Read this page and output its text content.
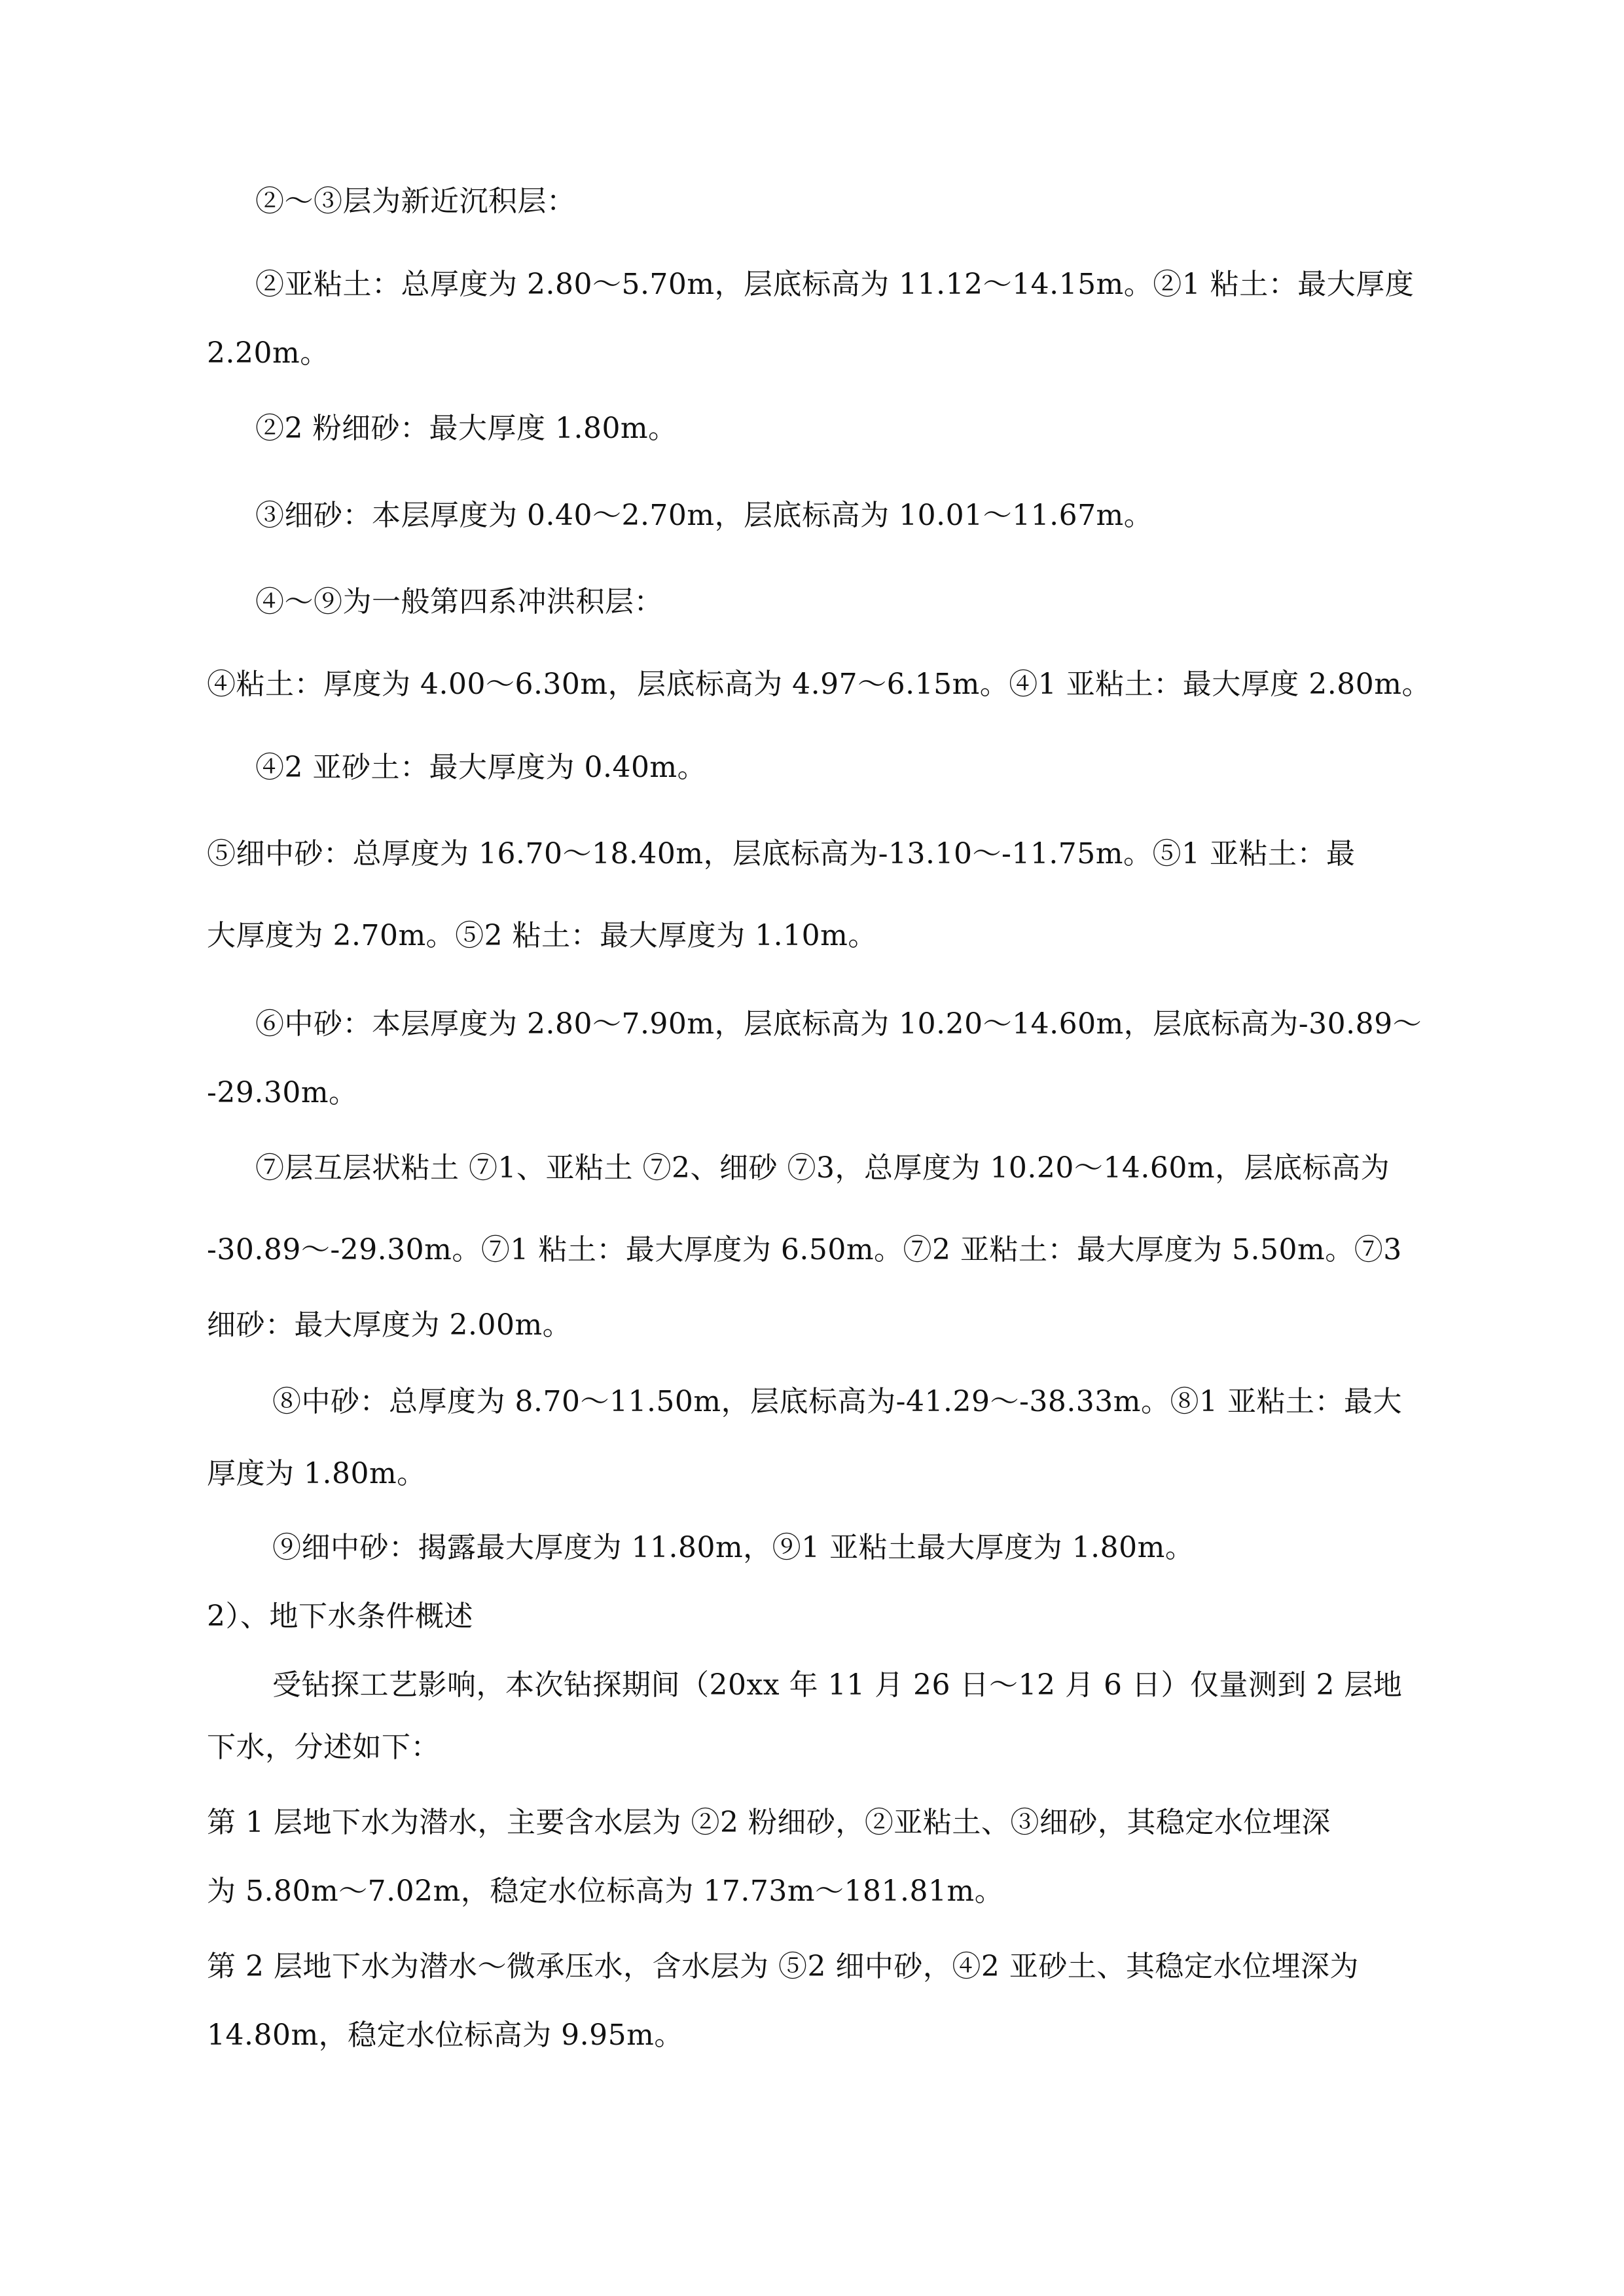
②～③层为新近沉积层：
②亚粘土：总厚度为 2.80～5.70m，层底标高为 11.12～14.15m。②1 粘土：最大厚度
2.20m。
②2 粉细砂：最大厚度 1.80m。
③细砂：本层厚度为 0.40～2.70m，层底标高为 10.01～11.67m。
④～⑨为一般第四系冲洪积层：
④粘土：厚度为 4.00～6.30m，层底标高为 4.97～6.15m。④1 亚粘土：最大厚度 2.80m。
④2 亚砂土：最大厚度为 0.40m。
⑤细中砂：总厚度为 16.70～18.40m，层底标高为-13.10～-11.75m。⑤1 亚粘土：最
大厚度为 2.70m。⑤2 粘土：最大厚度为 1.10m。
⑥中砂：本层厚度为 2.80～7.90m，层底标高为 10.20～14.60m，层底标高为-30.89～
-29.30m。
⑦层互层状粘土 ⑦1、亚粘土 ⑦2、细砂 ⑦3，总厚度为 10.20～14.60m，层底标高为
-30.89～-29.30m。⑦1 粘土：最大厚度为 6.50m。⑦2 亚粘土：最大厚度为 5.50m。⑦3
细砂：最大厚度为 2.00m。
⑧中砂：总厚度为 8.70～11.50m，层底标高为-41.29～-38.33m。⑧1 亚粘土：最大
厚度为 1.80m。
⑨细中砂：揭露最大厚度为 11.80m，⑨1 亚粘土最大厚度为 1.80m。
2）、地下水条件概述
受钻探工艺影响，本次钻探期间（20xx 年 11 月 26 日～12 月 6 日）仅量测到 2 层地
下水，分述如下：
第 1 层地下水为潜水，主要含水层为 ②2 粉细砂，②亚粘土、③细砂，其稳定水位埋深
为 5.80m～7.02m，稳定水位标高为 17.73m～181.81m。
第 2 层地下水为潜水～微承压水，含水层为 ⑤2 细中砂，④2 亚砂土、其稳定水位埋深为
14.80m，稳定水位标高为 9.95m。
